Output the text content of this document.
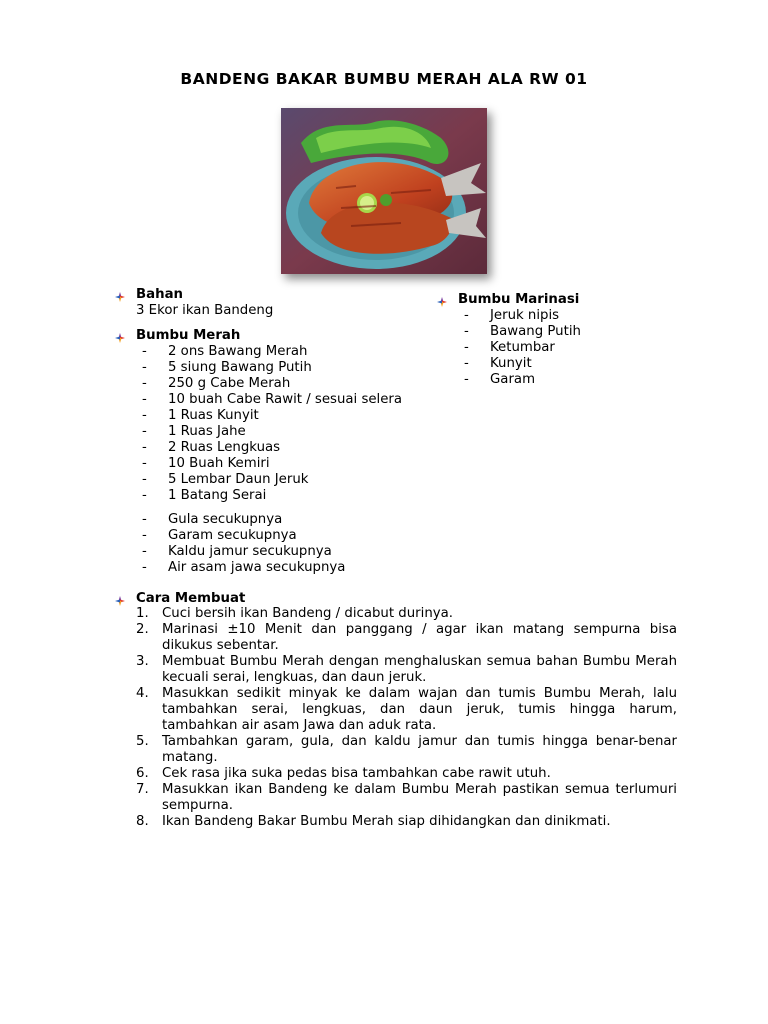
BANDENG BAKAR BUMBU MERAH ALA RW 01
Bahan
3 Ekor ikan Bandeng
Bumbu Merah
-	2 ons Bawang Merah
-	5 siung Bawang Putih
-	250 g Cabe Merah
-	10 buah Cabe Rawit / sesuai selera
-	1 Ruas Kunyit
-	1 Ruas Jahe
-	2 Ruas Lengkuas
-	10 Buah Kemiri
-	5 Lembar Daun Jeruk
-	1 Batang Serai
-	Gula secukupnya
-	Garam secukupnya
-	Kaldu jamur secukupnya
-	Air asam jawa secukupnya
Bumbu Marinasi
-	Jeruk nipis
-	Bawang Putih
-	Ketumbar
-	Kunyit
-	Garam
Cara Membuat
1.	Cuci bersih ikan Bandeng / dicabut durinya.
2.	Marinasi ±10 Menit dan panggang / agar ikan matang sempurna bisa dikukus sebentar.
3.	Membuat Bumbu Merah dengan menghaluskan semua bahan Bumbu Merah kecuali serai, lengkuas, dan daun jeruk.
4.	Masukkan sedikit minyak ke dalam wajan dan tumis Bumbu Merah, lalu tambahkan serai, lengkuas, dan daun jeruk, tumis hingga harum, tambahkan air asam Jawa dan aduk rata.
5.	Tambahkan garam, gula, dan kaldu jamur dan tumis hingga benar-benar matang.
6.	Cek rasa jika suka pedas bisa tambahkan cabe rawit utuh.
7.	Masukkan ikan Bandeng ke dalam Bumbu Merah pastikan semua terlumuri sempurna.
8.	Ikan Bandeng Bakar Bumbu Merah siap dihidangkan dan dinikmati.
